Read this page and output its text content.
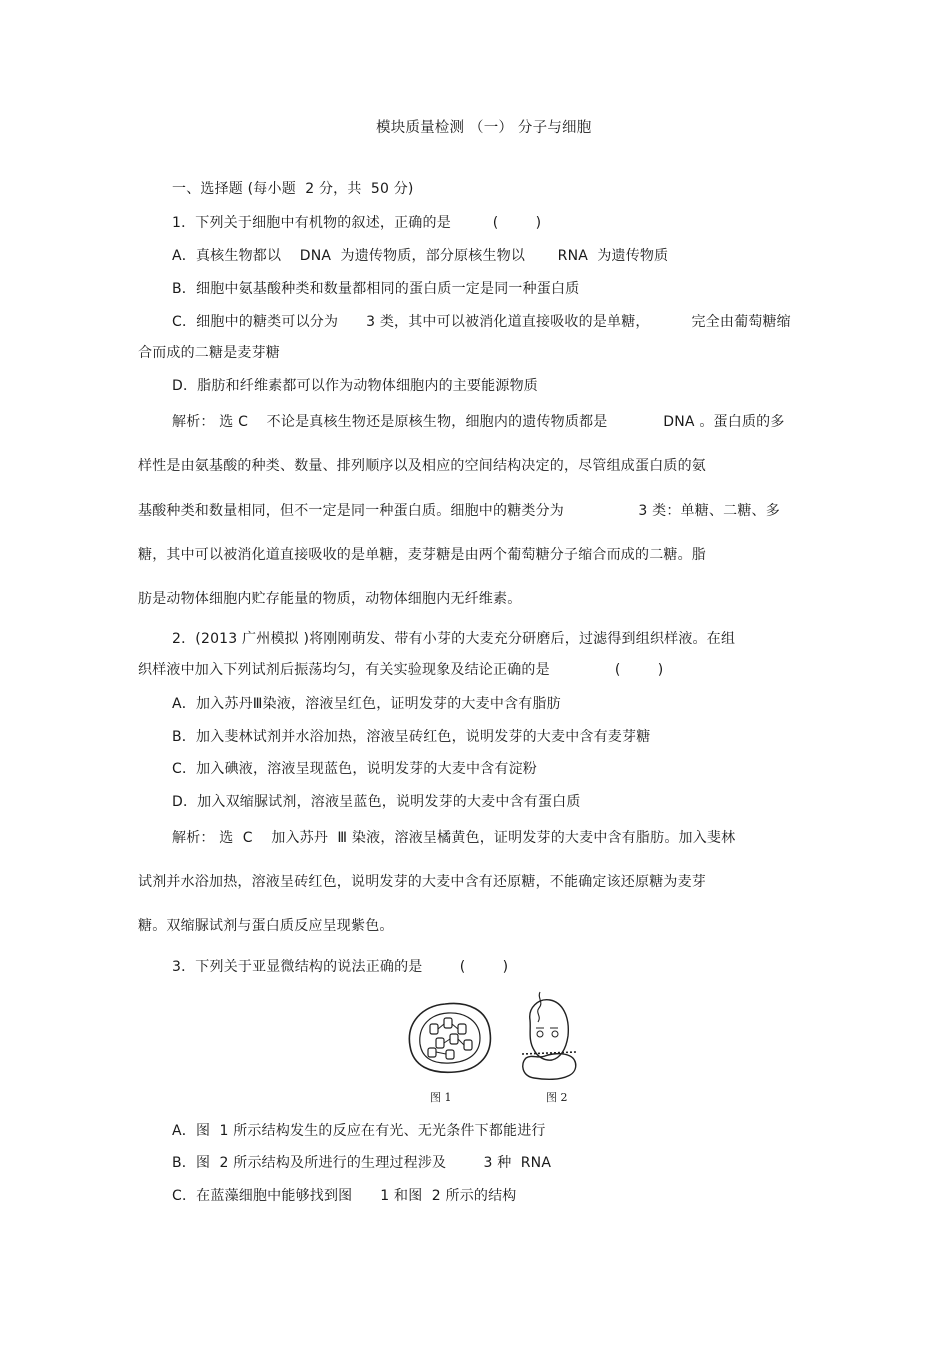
模块质量检测 （一） 分子与细胞
一、选择题 (每小题  2 分，共  50 分)
1．下列关于细胞中有机物的叙述，正确的是         (        )
A．真核生物都以    DNA  为遗传物质，部分原核生物以       RNA  为遗传物质
B．细胞中氨基酸种类和数量都相同的蛋白质一定是同一种蛋白质
C．细胞中的糖类可以分为      3 类，其中可以被消化道直接吸收的是单糖，         完全由葡萄糖缩
合而成的二糖是麦芽糖
D．脂肪和纤维素都可以作为动物体细胞内的主要能源物质
解析： 选 C    不论是真核生物还是原核生物，细胞内的遗传物质都是            DNA 。蛋白质的多
样性是由氨基酸的种类、数量、排列顺序以及相应的空间结构决定的，尽管组成蛋白质的氨
基酸种类和数量相同，但不一定是同一种蛋白质。细胞中的糖类分为                3 类：单糖、二糖、多
糖，其中可以被消化道直接吸收的是单糖，麦芽糖是由两个葡萄糖分子缩合而成的二糖。脂
肪是动物体细胞内贮存能量的物质，动物体细胞内无纤维素。
2．(2013 广州模拟 )将刚刚萌发、带有小芽的大麦充分研磨后，过滤得到组织样液。在组
织样液中加入下列试剂后振荡均匀，有关实验现象及结论正确的是              (        )
A．加入苏丹Ⅲ染液，溶液呈红色，证明发芽的大麦中含有脂肪
B．加入斐林试剂并水浴加热，溶液呈砖红色，说明发芽的大麦中含有麦芽糖
C．加入碘液，溶液呈现蓝色，说明发芽的大麦中含有淀粉
D．加入双缩脲试剂，溶液呈蓝色，说明发芽的大麦中含有蛋白质
解析： 选  C    加入苏丹  Ⅲ 染液，溶液呈橘黄色，证明发芽的大麦中含有脂肪。加入斐林
试剂并水浴加热，溶液呈砖红色，说明发芽的大麦中含有还原糖，不能确定该还原糖为麦芽
糖。双缩脲试剂与蛋白质反应呈现紫色。
3．下列关于亚显微结构的说法正确的是        (        )
图 1	图 2
A．图  1 所示结构发生的反应在有光、无光条件下都能进行
B．图  2 所示结构及所进行的生理过程涉及        3 种  RNA
C．在蓝藻细胞中能够找到图      1 和图  2 所示的结构
